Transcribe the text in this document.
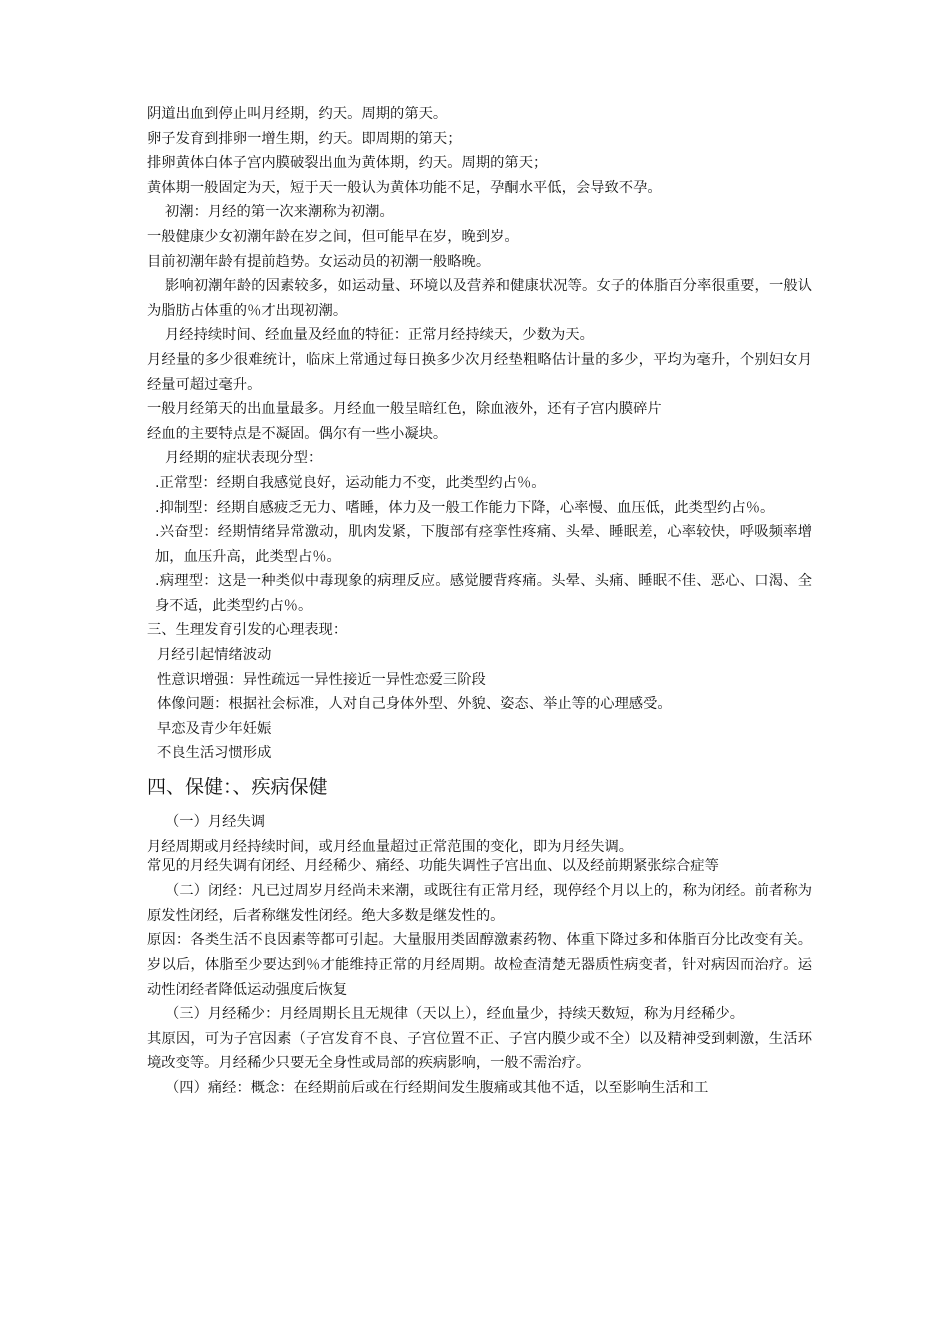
阴道出血到停止叫月经期，约天。周期的第天。
卵子发育到排卵一增生期，约天。即周期的第天；
排卵黄体白体子宫内膜破裂出血为黄体期，约天。周期的第天；
黄体期一般固定为天，短于天一般认为黄体功能不足，孕酮水平低，会导致不孕。
初潮：月经的第一次来潮称为初潮。
一般健康少女初潮年龄在岁之间，但可能早在岁，晚到岁。
目前初潮年龄有提前趋势。女运动员的初潮一般略晚。
影响初潮年龄的因素较多，如运动量、环境以及营养和健康状况等。女子的体脂百分率很重要，一般认为脂肪占体重的％才出现初潮。
月经持续时间、经血量及经血的特征：正常月经持续天，少数为天。
月经量的多少很难统计，临床上常通过每日换多少次月经垫粗略估计量的多少，平均为毫升，个别妇女月经量可超过毫升。
一般月经第天的出血量最多。月经血一般呈暗红色，除血液外，还有子宫内膜碎片
经血的主要特点是不凝固。偶尔有一些小凝块。
月经期的症状表现分型：
.正常型：经期自我感觉良好，运动能力不变，此类型约占％。
.抑制型：经期自感疲乏无力、嗜睡，体力及一般工作能力下降，心率慢、血压低，此类型约占％。
.兴奋型：经期情绪异常激动，肌肉发紧，下腹部有痉挛性疼痛、头晕、睡眠差，心率较快，呼吸频率增加，血压升高，此类型占％。
.病理型：这是一种类似中毒现象的病理反应。感觉腰背疼痛。头晕、头痛、睡眠不佳、恶心、口渴、全身不适，此类型约占％。
三、生理发育引发的心理表现：
月经引起情绪波动
性意识增强：异性疏远一异性接近一异性恋爱三阶段
体像问题：根据社会标准，人对自己身体外型、外貌、姿态、举止等的心理感受。
早恋及青少年妊娠
不良生活习惯形成
四、保健：、疾病保健
（一）月经失调
月经周期或月经持续时间，或月经血量超过正常范围的变化，即为月经失调。
常见的月经失调有闭经、月经稀少、痛经、功能失调性子宫出血、以及经前期紧张综合症等
（二）闭经：凡已过周岁月经尚未来潮，或既往有正常月经，现停经个月以上的，称为闭经。前者称为原发性闭经，后者称继发性闭经。绝大多数是继发性的。
原因：各类生活不良因素等都可引起。大量服用类固醇激素药物、体重下降过多和体脂百分比改变有关。岁以后，体脂至少要达到％才能维持正常的月经周期。故检查清楚无器质性病变者，针对病因而治疗。运动性闭经者降低运动强度后恢复
（三）月经稀少：月经周期长且无规律（天以上），经血量少，持续天数短，称为月经稀少。
其原因，可为子宫因素（子宫发育不良、子宫位置不正、子宫内膜少或不全）以及精神受到刺激，生活环境改变等。月经稀少只要无全身性或局部的疾病影响，一般不需治疗。
（四）痛经：概念：在经期前后或在行经期间发生腹痛或其他不适，以至影响生活和工
